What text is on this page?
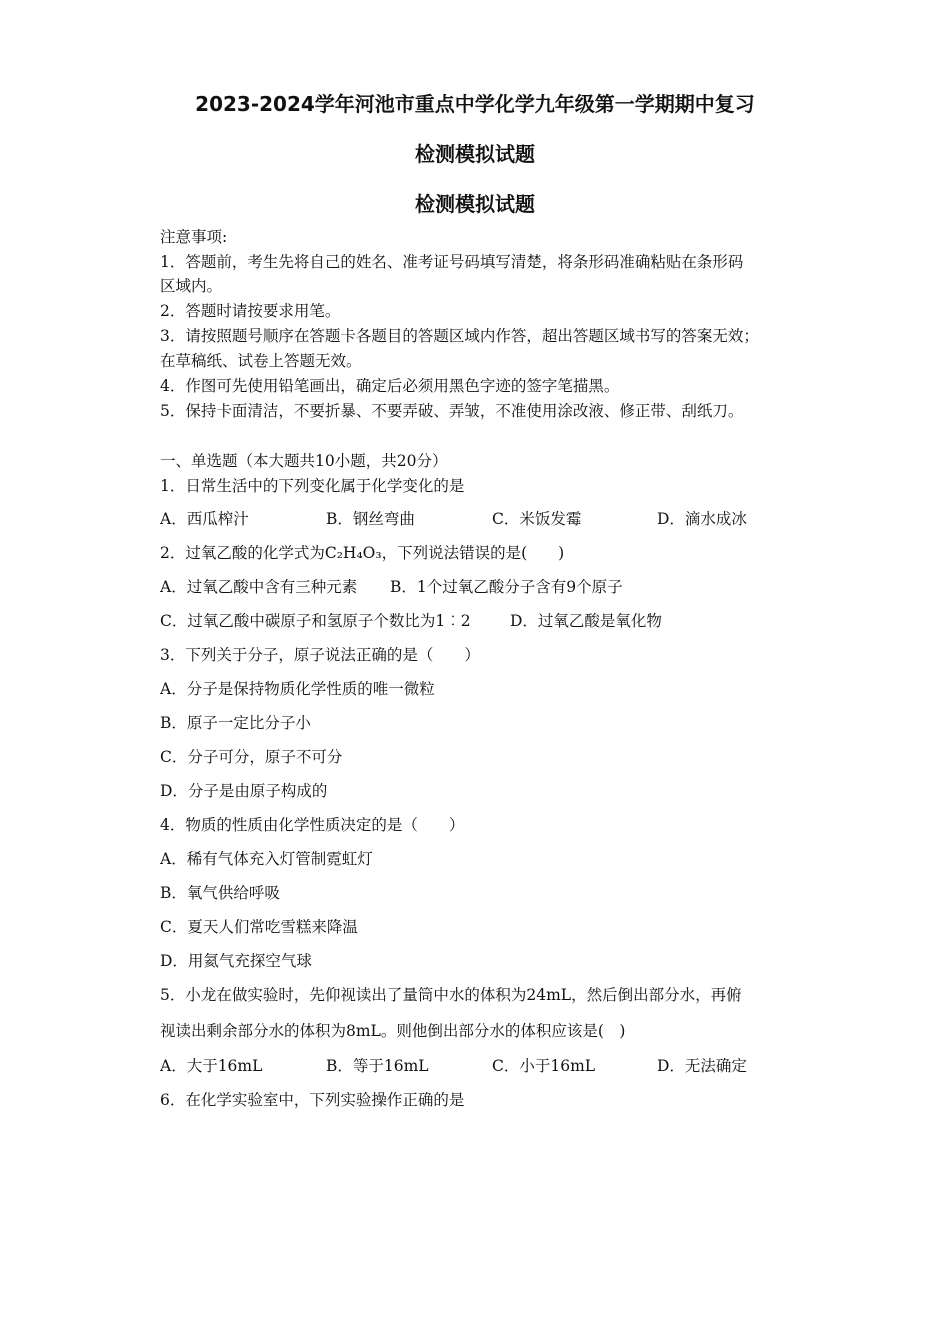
2023-2024学年河池市重点中学化学九年级第一学期期中复习
检测模拟试题
检测模拟试题
注意事项:
1．答题前，考生先将自己的姓名、准考证号码填写清楚，将条形码准确粘贴在条形码
区域内。
2．答题时请按要求用笔。
3．请按照题号顺序在答题卡各题目的答题区域内作答，超出答题区域书写的答案无效；
在草稿纸、试卷上答题无效。
4．作图可先使用铅笔画出，确定后必须用黑色字迹的签字笔描黑。
5．保持卡面清洁，不要折暴、不要弄破、弄皱，不准使用涂改液、修正带、刮纸刀。
一、单选题（本大题共10小题，共20分）
1．日常生活中的下列变化属于化学变化的是
A．西瓜榨汁	B．钢丝弯曲	C．米饭发霉	D．滴水成冰
2．过氧乙酸的化学式为C₂H₄O₃，下列说法错误的是(　　)
A．过氧乙酸中含有三种元素 B．1个过氧乙酸分子含有9个原子
C．过氧乙酸中碳原子和氢原子个数比为1︰2	D．过氧乙酸是氧化物
3．下列关于分子，原子说法正确的是（　　）
A．分子是保持物质化学性质的唯一微粒
B．原子一定比分子小
C．分子可分，原子不可分
D．分子是由原子构成的
4．物质的性质由化学性质决定的是（　　）
A．稀有气体充入灯管制霓虹灯
B．氧气供给呼吸
C．夏天人们常吃雪糕来降温
D．用氦气充探空气球
5．小龙在做实验时，先仰视读出了量筒中水的体积为24mL，然后倒出部分水，再俯
视读出剩余部分水的体积为8mL。则他倒出部分水的体积应该是(　)
A．大于16mL	B．等于16mL	C．小于16mL	D．无法确定
6．在化学实验室中，下列实验操作正确的是
